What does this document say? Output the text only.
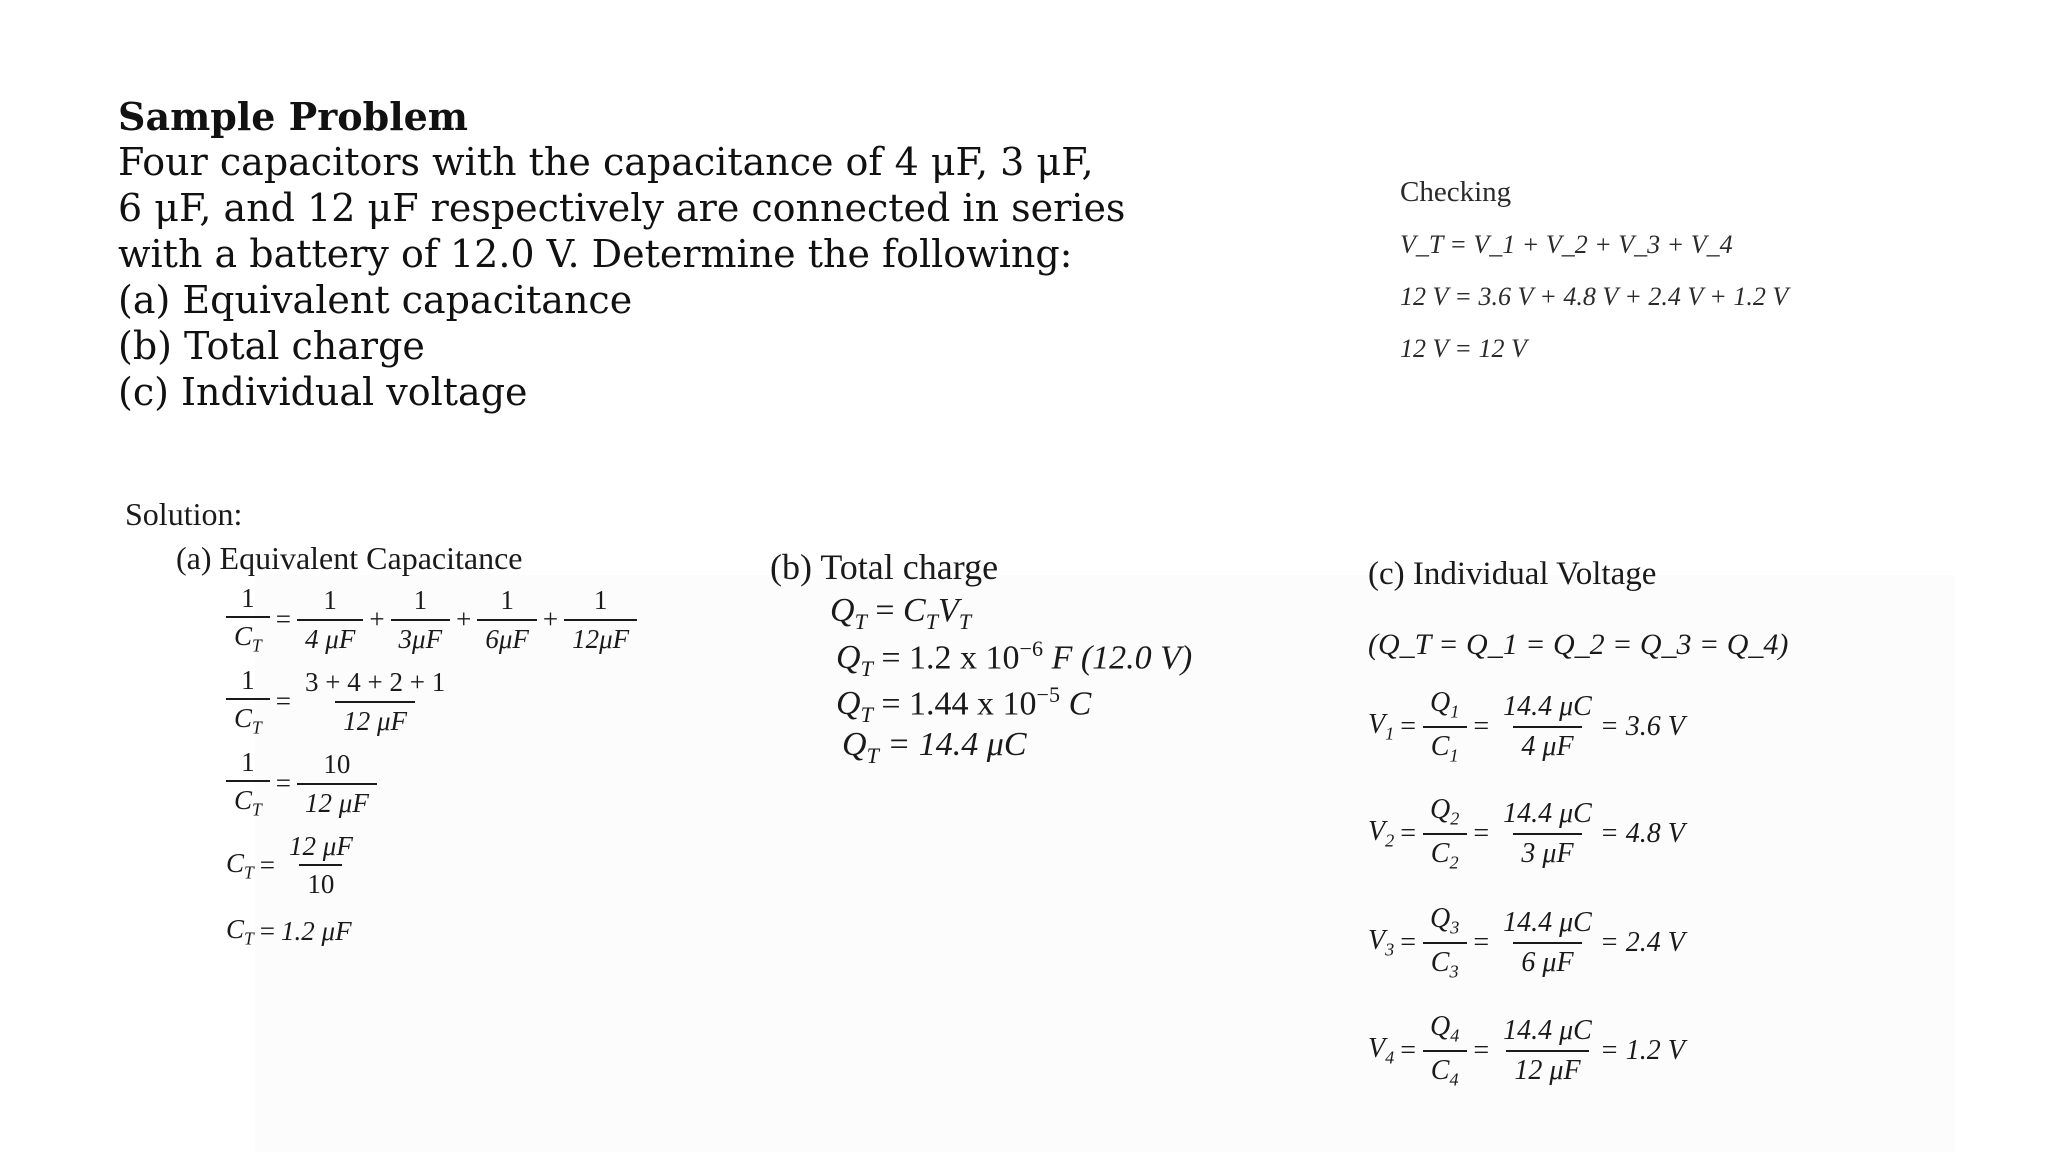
Sample Problem
Four capacitors with the capacitance of 4 μF, 3 μF,
6 μF, and 12 μF respectively are connected in series
with a battery of 12.0 V. Determine the following:
(a) Equivalent capacitance
(b) Total charge
(c) Individual voltage
Checking
V_T = V_1 + V_2 + V_3 + V_4
12 V = 3.6 V + 4.8 V + 2.4 V + 1.2 V
12 V = 12 V
Solution:
(a) Equivalent Capacitance
$\frac{1}{C_T} = \frac{1}{4 \mu F} + \frac{1}{3\mu F} + \frac{1}{6\mu F} + \frac{1}{12\mu F}$
$\frac{1}{C_T} = \frac{3 + 4 + 2 + 1}{12 \mu F}$
$\frac{1}{C_T} = \frac{10}{12 \mu F}$
$C_T = \frac{12 \mu F}{10}$
$C_T = 1.2$ μF
(b) Total charge
$Q_T = C_TV_T$
$Q_T = 1.2$ x $10^{-6}$ F (12.0 V)
$Q_T = 1.44$ x $10^{-5}$ C
$Q_T = 14.4$ μC
(c) Individual Voltage
(Q_T = Q_1 = Q_2 = Q_3 = Q_4)
$V_1 = \frac{Q_1}{C_1} = \frac{14.4 \mu C}{4 \mu F} = 3.6$ V
$V_2 = \frac{Q_2}{C_2} = \frac{14.4 \mu C}{3 \mu F} = 4.8$ V
$V_3 = \frac{Q_3}{C_3} = \frac{14.4 \mu C}{6 \mu F} = 2.4$ V
$V_4 = \frac{Q_4}{C_4} = \frac{14.4 \mu C}{12 \mu F} = 1.2$ V
